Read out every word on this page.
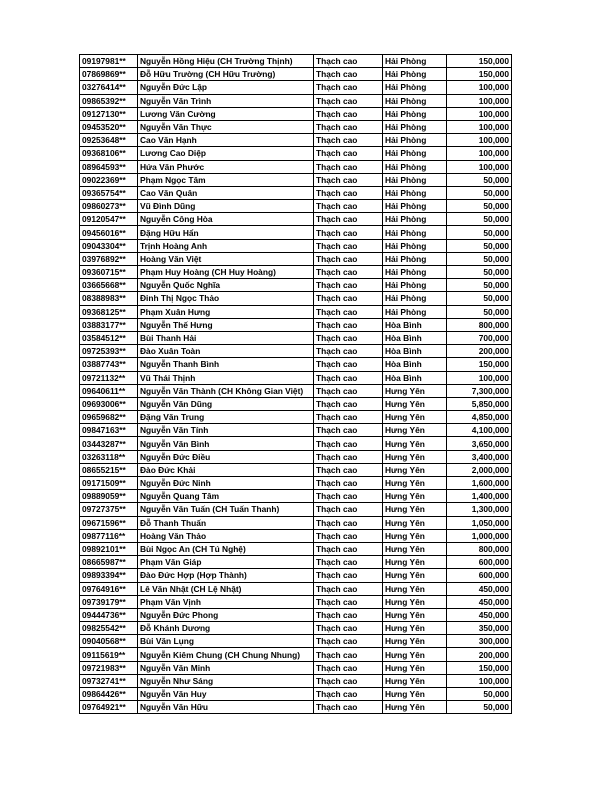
09197981**	Nguyễn Hồng Hiệu (CH Trường Thịnh)	Thạch cao	Hải Phòng	150,000
07869869**	Đỗ Hữu Trường (CH Hữu Trường)	Thạch cao	Hải Phòng	150,000
03276414**	Nguyễn Đức Lập	Thạch cao	Hải Phòng	100,000
09865392**	Nguyễn Văn Trình	Thạch cao	Hải Phòng	100,000
09127130**	Lương Văn Cường	Thạch cao	Hải Phòng	100,000
09453520**	Nguyễn Văn Thực	Thạch cao	Hải Phòng	100,000
09253648**	Cao Văn Hạnh	Thạch cao	Hải Phòng	100,000
09368106**	Lương Cao Diệp	Thạch cao	Hải Phòng	100,000
08964593**	Hứa Văn Phước	Thạch cao	Hải Phòng	100,000
09022369**	Phạm Ngọc Tâm	Thạch cao	Hải Phòng	50,000
09365754**	Cao Văn Quân	Thạch cao	Hải Phòng	50,000
09860273**	Vũ Đình Dũng	Thạch cao	Hải Phòng	50,000
09120547**	Nguyễn Công Hòa	Thạch cao	Hải Phòng	50,000
09456016**	Đặng Hữu Hẩn	Thạch cao	Hải Phòng	50,000
09043304**	Trịnh Hoàng Anh	Thạch cao	Hải Phòng	50,000
03976892**	Hoàng Văn Việt	Thạch cao	Hải Phòng	50,000
09360715**	Phạm Huy Hoàng (CH Huy Hoàng)	Thạch cao	Hải Phòng	50,000
03665668**	Nguyễn Quốc Nghĩa	Thạch cao	Hải Phòng	50,000
08388983**	Đinh Thị Ngọc Thảo	Thạch cao	Hải Phòng	50,000
09368125**	Phạm Xuân Hưng	Thạch cao	Hải Phòng	50,000
03883177**	Nguyễn Thế Hưng	Thạch cao	Hòa Bình	800,000
03584512**	Bùi Thanh Hải	Thạch cao	Hòa Bình	700,000
09725393**	Đào Xuân Toàn	Thạch cao	Hòa Bình	200,000
03887743**	Nguyễn Thanh Bình	Thạch cao	Hòa Bình	150,000
09721132**	Vũ Thái Thịnh	Thạch cao	Hòa Bình	100,000
09640611**	Nguyễn Văn Thành (CH Không Gian Việt)	Thạch cao	Hưng Yên	7,300,000
09693006**	Nguyễn Văn Dũng	Thạch cao	Hưng Yên	5,850,000
09659682**	Đặng Văn Trung	Thạch cao	Hưng Yên	4,850,000
09847163**	Nguyễn Văn Tính	Thạch cao	Hưng Yên	4,100,000
03443287**	Nguyễn Văn Bình	Thạch cao	Hưng Yên	3,650,000
03263118**	Nguyễn Đức Điều	Thạch cao	Hưng Yên	3,400,000
08655215**	Đào Đức Khải	Thạch cao	Hưng Yên	2,000,000
09171509**	Nguyễn Đức Ninh	Thạch cao	Hưng Yên	1,600,000
09889059**	Nguyễn Quang Tâm	Thạch cao	Hưng Yên	1,400,000
09727375**	Nguyễn Văn Tuấn (CH Tuấn Thanh)	Thạch cao	Hưng Yên	1,300,000
09671596**	Đỗ Thanh Thuấn	Thạch cao	Hưng Yên	1,050,000
09877116**	Hoàng Văn Thảo	Thạch cao	Hưng Yên	1,000,000
09892101**	Bùi Ngọc An (CH Tú Nghệ)	Thạch cao	Hưng Yên	800,000
08665987**	Phạm Văn Giáp	Thạch cao	Hưng Yên	600,000
09893394**	Đào Đức Hợp (Hợp Thành)	Thạch cao	Hưng Yên	600,000
09764916**	Lê Văn Nhật (CH Lệ Nhật)	Thạch cao	Hưng Yên	450,000
09739179**	Phạm Văn Vịnh	Thạch cao	Hưng Yên	450,000
09444736**	Nguyễn Đức Phong	Thạch cao	Hưng Yên	450,000
09825542**	Đỗ Khánh Dương	Thạch cao	Hưng Yên	350,000
09040568**	Bùi Văn Lụng	Thạch cao	Hưng Yên	300,000
09115619**	Nguyễn Kiêm Chung (CH Chung Nhung)	Thạch cao	Hưng Yên	200,000
09721983**	Nguyễn Văn Minh	Thạch cao	Hưng Yên	150,000
09732741**	Nguyễn Như Sáng	Thạch cao	Hưng Yên	100,000
09864426**	Nguyễn Văn Huy	Thạch cao	Hưng Yên	50,000
09764921**	Nguyễn Văn Hữu	Thạch cao	Hưng Yên	50,000
